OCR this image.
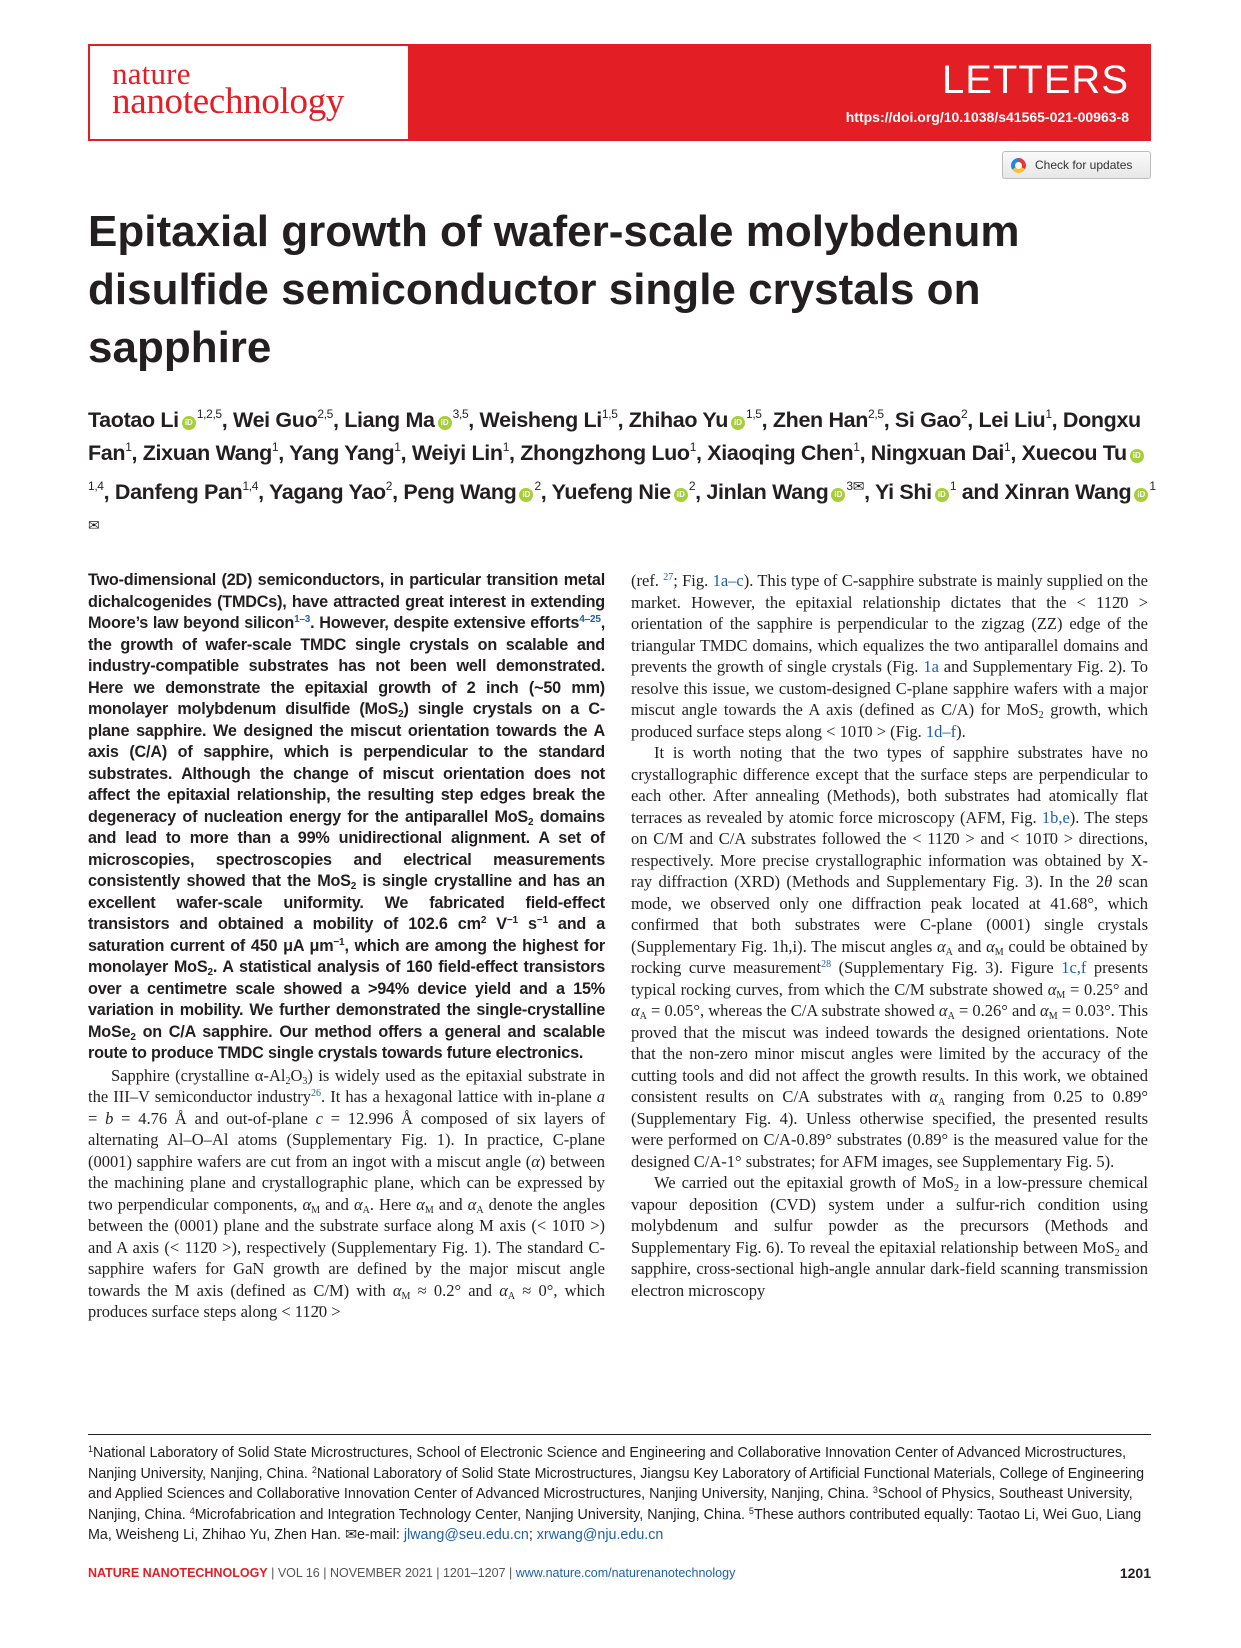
nature
nanotechnology	LETTERS
https://doi.org/10.1038/s41565-021-00963-8
Check for updates
Epitaxial growth of wafer-scale molybdenum disulfide semiconductor single crystals on sapphire
Taotao Li iD$^{1,2,5}$, Wei Guo$^{2,5}$, Liang Ma iD$^{3,5}$, Weisheng Li$^{1,5}$, Zhihao Yu iD$^{1,5}$, Zhen Han$^{2,5}$, Si Gao$^2$, Lei Liu$^1$, Dongxu Fan$^1$, Zixuan Wang$^1$, Yang Yang$^1$, Weiyi Lin$^1$, Zhongzhong Luo$^1$, Xiaoqing Chen$^1$, Ningxuan Dai$^1$, Xuecou Tu iD$^{1,4}$, Danfeng Pan$^{1,4}$, Yagang Yao$^2$, Peng Wang $iD^2$, Yuefeng Nie $iD^2$, Jinlan Wang $iD^{3✉}$, Yi Shi $iD^1$ and Xinran Wang $iD^{1✉}$

Two-dimensional (2D) semiconductors, in particular transition metal dichalcogenides (TMDCs), have attracted great interest in extending Moore’s law beyond silicon$^{1-3}$. However, despite extensive efforts$^{4-25}$, the growth of wafer-scale TMDC single crystals on scalable and industry-compatible substrates has not been well demonstrated. Here we demonstrate the epitaxial growth of 2 inch (~50 mm) monolayer molybdenum disulfide (MoS$_2$) single crystals on a C-plane sapphire. We designed the miscut orientation towards the A axis (C/A) of sapphire, which is perpendicular to the standard substrates. Although the change of miscut orientation does not affect the epitaxial relationship, the resulting step edges break the degeneracy of nucleation energy for the antiparallel MoS$_2$ domains and lead to more than a 99% unidirectional alignment. A set of microscopies, spectroscopies and electrical measurements consistently showed that the MoS$_2$ is single crystalline and has an excellent wafer-scale uniformity. We fabricated field-effect transistors and obtained a mobility of 102.6 $cm^2$ $V^{-1}$ $s^{-1}$ and a saturation current of 450 μA $\mu m^{-1}$, which are among the highest for monolayer MoS$_2$. A statistical analysis of 160 field-effect transistors over a centimetre scale showed a >94% device yield and a 15% variation in mobility. We further demonstrated the single-crystalline MoSe$_2$ on C/A sapphire. Our method offers a general and scalable route to produce TMDC single crystals towards future electronics.

Sapphire (crystalline $\alpha-Al_2O_3$) is widely used as the epitaxial substrate in the III–V semiconductor industry$^{26}$. It has a hexagonal lattice with in-plane a = b = 4.76 Å and out-of-plane c = 12.996 Å composed of six layers of alternating Al–O–Al atoms (Supplementary Fig. 1). In practice, C-plane (0001) sapphire wafers are cut from an ingot with a miscut angle (α) between the machining plane and crystallographic plane, which can be expressed by two perpendicular components, $\alpha_M$ and $\alpha_A$. Here $\alpha_M$ and $\alpha_A$ denote the angles between the (0001) plane and the substrate surface along M axis (< 101̄0 >) and A axis (< 112̄0 >), respectively (Supplementary Fig. 1). The standard C-sapphire wafers for GaN growth are defined by the major miscut angle towards the M axis (defined as C/M) with $\alpha_M \approx 0.2^\circ$ and $\alpha_A \approx 0^\circ$, which produces surface steps along < 112̄0 >

(ref. $^{27}$; Fig. 1a–c). This type of C-sapphire substrate is mainly supplied on the market. However, the epitaxial relationship dictates that the < 112̄0 > orientation of the sapphire is perpendicular to the zigzag (ZZ) edge of the triangular TMDC domains, which equalizes the two antiparallel domains and prevents the growth of single crystals (Fig. 1a and Supplementary Fig. 2). To resolve this issue, we custom-designed C-plane sapphire wafers with a major miscut angle towards the A axis (defined as C/A) for MoS$_2$ growth, which produced surface steps along < 101̄0 > (Fig. 1d–f).

It is worth noting that the two types of sapphire substrates have no crystallographic difference except that the surface steps are perpendicular to each other. After annealing (Methods), both substrates had atomically flat terraces as revealed by atomic force microscopy (AFM, Fig. 1b,e). The steps on C/M and C/A substrates followed the < 112̄0 > and < 101̄0 > directions, respectively. More precise crystallographic information was obtained by X-ray diffraction (XRD) (Methods and Supplementary Fig. 3). In the 2θ scan mode, we observed only one diffraction peak located at 41.68°, which confirmed that both substrates were C-plane (0001) single crystals (Supplementary Fig. 1h,i). The miscut angles $\alpha_A$ and $\alpha_M$ could be obtained by rocking curve measurement$^{28}$ (Supplementary Fig. 3). Figure 1c,f presents typical rocking curves, from which the C/M substrate showed $\alpha_M = 0.25^\circ$ and $\alpha_A = 0.05^\circ$, whereas the C/A substrate showed $\alpha_A = 0.26^\circ$ and $\alpha_M = 0.03^\circ$. This proved that the miscut was indeed towards the designed orientations. Note that the non-zero minor miscut angles were limited by the accuracy of the cutting tools and did not affect the growth results. In this work, we obtained consistent results on C/A substrates with $\alpha_A$ ranging from 0.25 to 0.89° (Supplementary Fig. 4). Unless otherwise specified, the presented results were performed on C/A-0.89° substrates (0.89° is the measured value for the designed C/A-1° substrates; for AFM images, see Supplementary Fig. 5).

We carried out the epitaxial growth of MoS$_2$ in a low-pressure chemical vapour deposition (CVD) system under a sulfur-rich condition using molybdenum and sulfur powder as the precursors (Methods and Supplementary Fig. 6). To reveal the epitaxial relationship between MoS$_2$ and sapphire, cross-sectional high-angle annular dark-field scanning transmission electron microscopy

$^1$National Laboratory of Solid State Microstructures, School of Electronic Science and Engineering and Collaborative Innovation Center of Advanced Microstructures, Nanjing University, Nanjing, China. $^2$National Laboratory of Solid State Microstructures, Jiangsu Key Laboratory of Artificial Functional Materials, College of Engineering and Applied Sciences and Collaborative Innovation Center of Advanced Microstructures, Nanjing University, Nanjing, China. $^3$School of Physics, Southeast University, Nanjing, China. $^4$Microfabrication and Integration Technology Center, Nanjing University, Nanjing, China. $^5$These authors contributed equally: Taotao Li, Wei Guo, Liang Ma, Weisheng Li, Zhihao Yu, Zhen Han. ✉e-mail: jlwang@seu.edu.cn; xrwang@nju.edu.cn
NATURE NANOTECHNOLOGY | VOL 16 | NOVEMBER 2021 | 1201–1207 | www.nature.com/naturenanotechnology	1201
